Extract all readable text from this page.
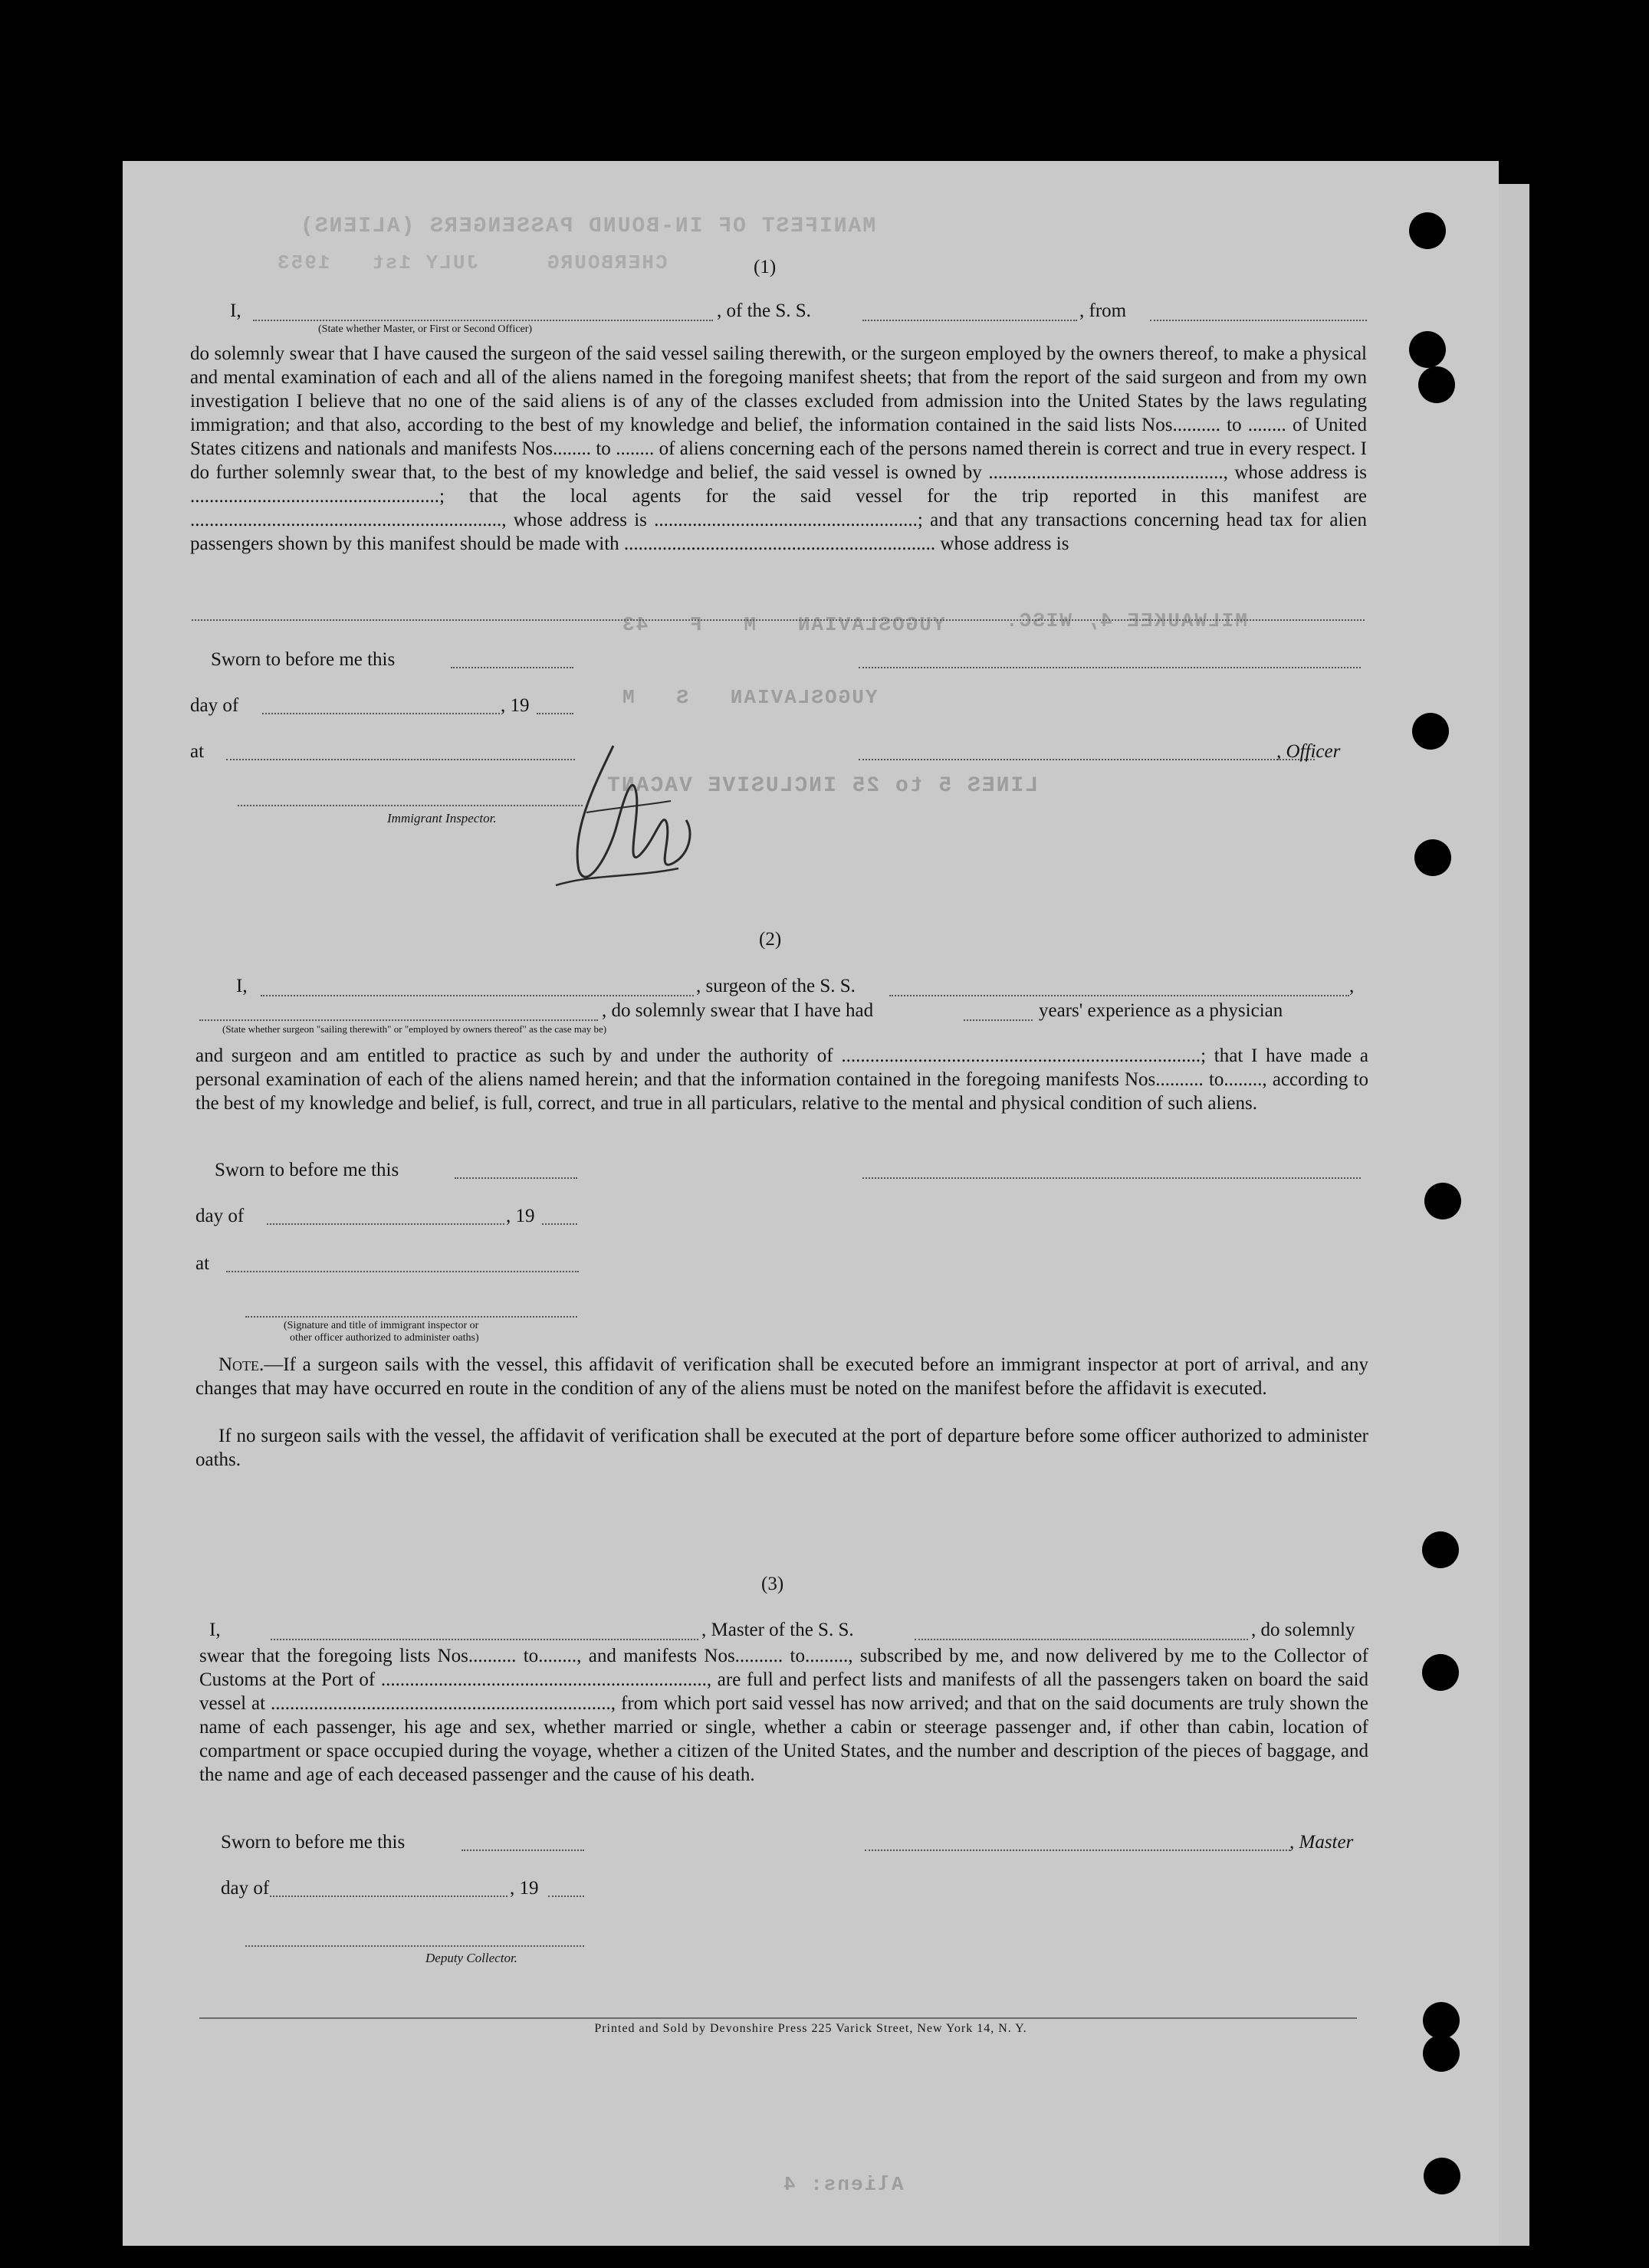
MANIFEST OF IN-BOUND PASSENGERS (ALIENS)
CHERBOURG     JULY 1st   1953
YUGOSLAVIAN   M   F   43	MILWAUKEE 4, WISC.
YUGOSLAVIAN   S   M
LINES 5 to 25 INCLUSIVE VACANT
Aliens: 4
(1)
I,	, of the S. S.	, from
(State whether Master, or First or Second Officer)
do solemnly swear that I have caused the surgeon of the said vessel sailing therewith, or the surgeon employed by the owners thereof, to make a physical and mental examination of each and all of the aliens named in the foregoing manifest sheets; that from the report of the said surgeon and from my own investigation I believe that no one of the said aliens is of any of the classes excluded from admission into the United States by the laws regulating immigration; and that also, according to the best of my knowledge and belief, the information contained in the said lists Nos.......... to ........ of United States citizens and nationals and manifests Nos........ to ........ of aliens concerning each of the persons named therein is correct and true in every respect. I do further solemnly swear that, to the best of my knowledge and belief, the said vessel is owned by ................................................., whose address is ....................................................; that the local agents for the said vessel for the trip reported in this manifest are ................................................................., whose address is .......................................................; and that any transactions concerning head tax for alien passengers shown by this manifest should be made with ................................................................. whose address is
Sworn to before me this
day of	, 19
at	, Officer
Immigrant Inspector.
(2)
I,	, surgeon of the S. S.	,
, do solemnly swear that I have had	years' experience as a physician
(State whether surgeon "sailing therewith" or "employed by owners thereof" as the case may be)
and surgeon and am entitled to practice as such by and under the authority of ...........................................................................; that I have made a personal examination of each of the aliens named herein; and that the information contained in the foregoing manifests Nos.......... to........, according to the best of my knowledge and belief, is full, correct, and true in all particulars, relative to the mental and physical condition of such aliens.
Sworn to before me this
day of	, 19
at
(Signature and title of immigrant inspector or
other officer authorized to administer oaths)
Note.—If a surgeon sails with the vessel, this affidavit of verification shall be executed before an immigrant inspector at port of arrival, and any changes that may have occurred en route in the condition of any of the aliens must be noted on the manifest before the affidavit is executed.
If no surgeon sails with the vessel, the affidavit of verification shall be executed at the port of departure before some officer authorized to administer oaths.
(3)
I,	, Master of the S. S.	, do solemnly
swear that the foregoing lists Nos.......... to........, and manifests Nos.......... to........., subscribed by me, and now delivered by me to the Collector of Customs at the Port of ...................................................................., are full and perfect lists and manifests of all the passengers taken on board the said vessel at ......................................................................., from which port said vessel has now arrived; and that on the said documents are truly shown the name of each passenger, his age and sex, whether married or single, whether a cabin or steerage passenger and, if other than cabin, location of compartment or space occupied during the voyage, whether a citizen of the United States, and the number and description of the pieces of baggage, and the name and age of each deceased passenger and the cause of his death.
Sworn to before me this	, Master
day of	, 19
Deputy Collector.
Printed and Sold by Devonshire Press 225 Varick Street, New York 14, N. Y.
